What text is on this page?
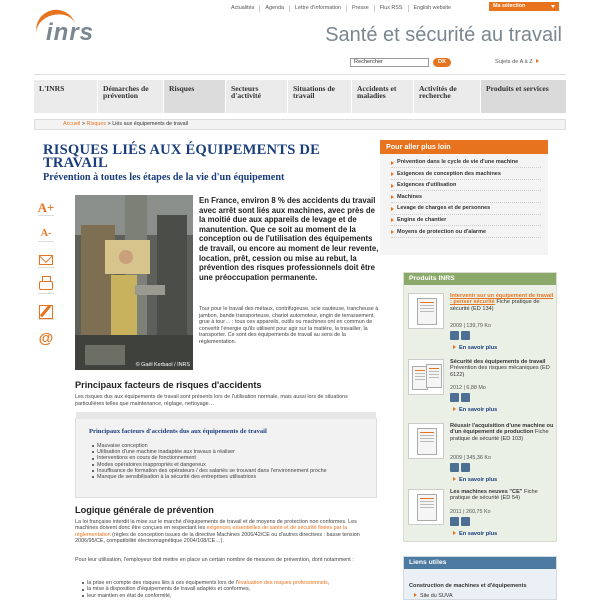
inrs
Actualités	Agenda	Lettre d'information	Presse	Flux RSS	English website	Ma sélection
Santé et sécurité au travail
Rechercher	OK	Sujets de A à Z
L'INRS	Démarches de prévention
Risques	Secteurs d'activité
Situations de travail
Accidents et maladies
Activités de recherche
Produits et services
Accueil > Risques > Liés aux équipements de travail
RISQUES LIÉS AUX ÉQUIPEMENTS DE TRAVAIL
Prévention à toutes les étapes de la vie d'un équipement
A+
A-
@
© Gaël Kerbaol / INRS
En France, environ 8 % des accidents du travail avec arrêt sont liés aux machines, avec près de la moitié due aux appareils de levage et de manutention. Que ce soit au moment de la conception ou de l'utilisation des équipements de travail, ou encore au moment de leur revente, location, prêt, cession ou mise au rebut, la prévention des risques professionnels doit être une préoccupation permanente.
Tour pour le travail des métaux, contrifugeuse, scie sauteuse, trancheuse à jambon, bande transporteuse, chariot automoteur, engin de terrassement, grue à tour… : tous ces appareils, outils ou machines ont en commun de convertir l'énergie qu'ils utilisent pour agir sur la matière, la travailler, la transporter. Ce sont des équipements de travail au sens de la réglementation.
Principaux facteurs de risques d'accidents
Les risques dus aux équipements de travail sont présents lors de l'utilisation normale, mais aussi lors de situations particulières telles que maintenance, réglage, nettoyage…
Principaux facteurs d'accidents dus aux équipements de travail
Mauvaise conception
Utilisation d'une machine inadaptée aux travaux à réaliser
Interventions en cours de fonctionnement
Modes opératoires inappropriés et dangereux
Insuffisance de formation des opérateurs / des salariés se trouvant dans l'environnement proche
Manque de sensibilisation à la sécurité des entreprises utilisatrices
Logique générale de prévention
La loi française interdit la mise sur le marché d'équipements de travail et de moyens de protection non conformes. Les machines doivent donc être conçues en respectant les exigences essentielles de santé et de sécurité fixées par la réglementation (règles de conception issues de la directive Machines 2006/42/CE ou d'autres directives : basse tension 2006/95/CE, compatibilité électromagnétique 2004/108/CE…).
Pour leur utilisation, l'employeur doit mettre en place un certain nombre de mesures de prévention, dont notamment :
la prise en compte des risques liés à ces équipements lors de l'évaluation des risques professionnels,
la mise à disposition d'équipements de travail adaptés et conformes,
leur maintien en état de conformité,
Pour aller plus loin
Prévention dans le cycle de vie d'une machine
Exigences de conception des machines
Exigences d'utilisation
Machines
Levage de charges et de personnes
Engins de chantier
Moyens de protection ou d'alarme
Produits INRS
Intervenir sur un équipement de travail : penser sécurité Fiche pratique de sécurité (ED 134)
2009 | 139,79 Ko
En savoir plus
Sécurité des équipements de travail Prévention des risques mécaniques (ED 6122)
2012 | 6,88 Mo
En savoir plus
Réussir l'acquisition d'une machine ou d'un équipement de production Fiche pratique de sécurité (ED 103)
2009 | 345,36 Ko
En savoir plus
Les machines neuves "CE" Fiche pratique de sécurité (ED 54)
2011 | 260,75 Ko
En savoir plus
Liens utiles
Construction de machines et d'équipements
Site du SUVA
